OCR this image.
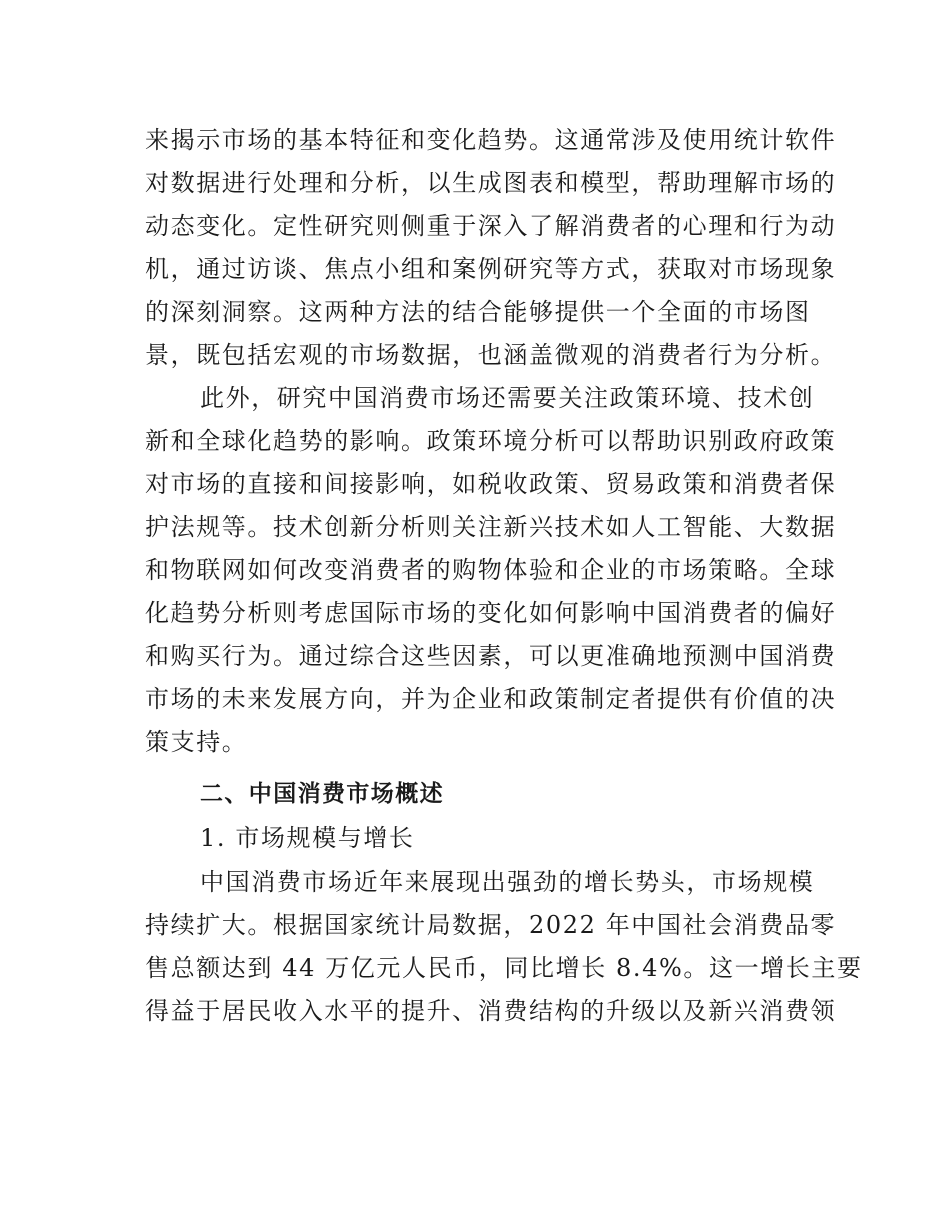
来揭示市场的基本特征和变化趋势。这通常涉及使用统计软件
对数据进行处理和分析，以生成图表和模型，帮助理解市场的
动态变化。定性研究则侧重于深入了解消费者的心理和行为动
机，通过访谈、焦点小组和案例研究等方式，获取对市场现象
的深刻洞察。这两种方法的结合能够提供一个全面的市场图
景，既包括宏观的市场数据，也涵盖微观的消费者行为分析。
此外，研究中国消费市场还需要关注政策环境、技术创
新和全球化趋势的影响。政策环境分析可以帮助识别政府政策
对市场的直接和间接影响，如税收政策、贸易政策和消费者保
护法规等。技术创新分析则关注新兴技术如人工智能、大数据
和物联网如何改变消费者的购物体验和企业的市场策略。全球
化趋势分析则考虑国际市场的变化如何影响中国消费者的偏好
和购买行为。通过综合这些因素，可以更准确地预测中国消费
市场的未来发展方向，并为企业和政策制定者提供有价值的决
策支持。
二、中国消费市场概述
1. 市场规模与增长
中国消费市场近年来展现出强劲的增长势头，市场规模
持续扩大。根据国家统计局数据，2022 年中国社会消费品零
售总额达到 44 万亿元人民币，同比增长 8.4%。这一增长主要
得益于居民收入水平的提升、消费结构的升级以及新兴消费领
